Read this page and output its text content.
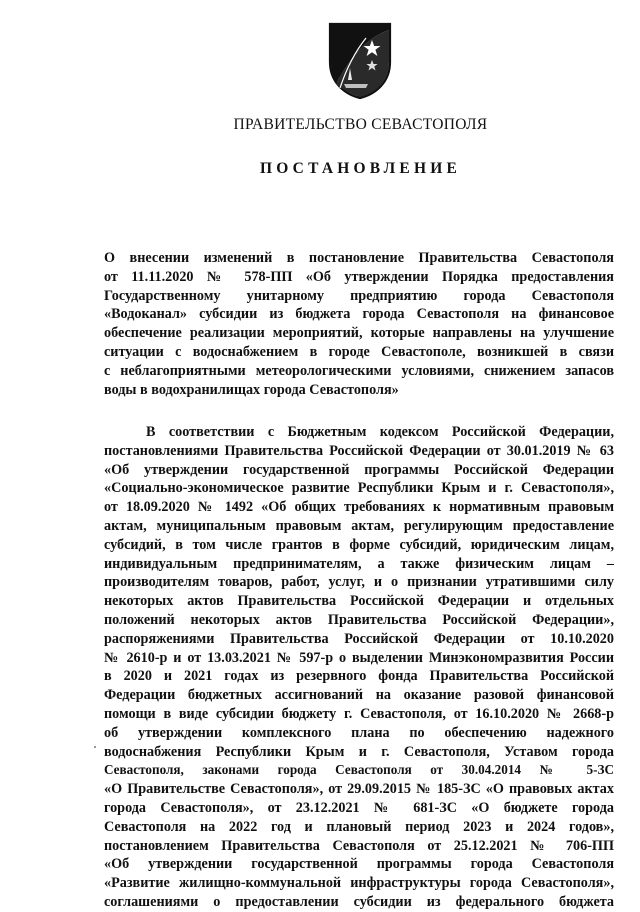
ПРАВИТЕЛЬСТВО СЕВАСТОПОЛЯ
ПОСТАНОВЛЕНИЕ
О внесении изменений в постановление Правительства Севастополя
от 11.11.2020 № 578-ПП «Об утверждении Порядка предоставления
Государственному унитарному предприятию города Севастополя
«Водоканал» субсидии из бюджета города Севастополя на финансовое
обеспечение реализации мероприятий, которые направлены на улучшение
ситуации с водоснабжением в городе Севастополе, возникшей в связи
с неблагоприятными метеорологическими условиями, снижением запасов
воды в водохранилищах города Севастополя»
В соответствии с Бюджетным кодексом Российской Федерации,
постановлениями Правительства Российской Федерации от 30.01.2019 № 63
«Об утверждении государственной программы Российской Федерации
«Социально-экономическое развитие Республики Крым и г. Севастополя»,
от 18.09.2020 № 1492 «Об общих требованиях к нормативным правовым
актам, муниципальным правовым актам, регулирующим предоставление
субсидий, в том числе грантов в форме субсидий, юридическим лицам,
индивидуальным предпринимателям, а также физическим лицам –
производителям товаров, работ, услуг, и о признании утратившими силу
некоторых актов Правительства Российской Федерации и отдельных
положений некоторых актов Правительства Российской Федерации»,
распоряжениями Правительства Российской Федерации от 10.10.2020
№ 2610-р и от 13.03.2021 № 597-р о выделении Минэкономразвития России
в 2020 и 2021 годах из резервного фонда Правительства Российской
Федерации бюджетных ассигнований на оказание разовой финансовой
помощи в виде субсидии бюджету г. Севастополя, от 16.10.2020 № 2668-р
об утверждении комплексного плана по обеспечению надежного
водоснабжения Республики Крым и г. Севастополя, Уставом города
Севастополя, законами города Севастополя от 30.04.2014 № 5-ЗС
«О Правительстве Севастополя», от 29.09.2015 № 185-ЗС «О правовых актах
города Севастополя», от 23.12.2021 № 681-ЗС «О бюджете города
Севастополя на 2022 год и плановый период 2023 и 2024 годов»,
постановлением Правительства Севастополя от 25.12.2021 № 706-ПП
«Об утверждении государственной программы города Севастополя
«Развитие жилищно-коммунальной инфраструктуры города Севастополя»,
соглашениями о предоставлении субсидии из федерального бюджета
